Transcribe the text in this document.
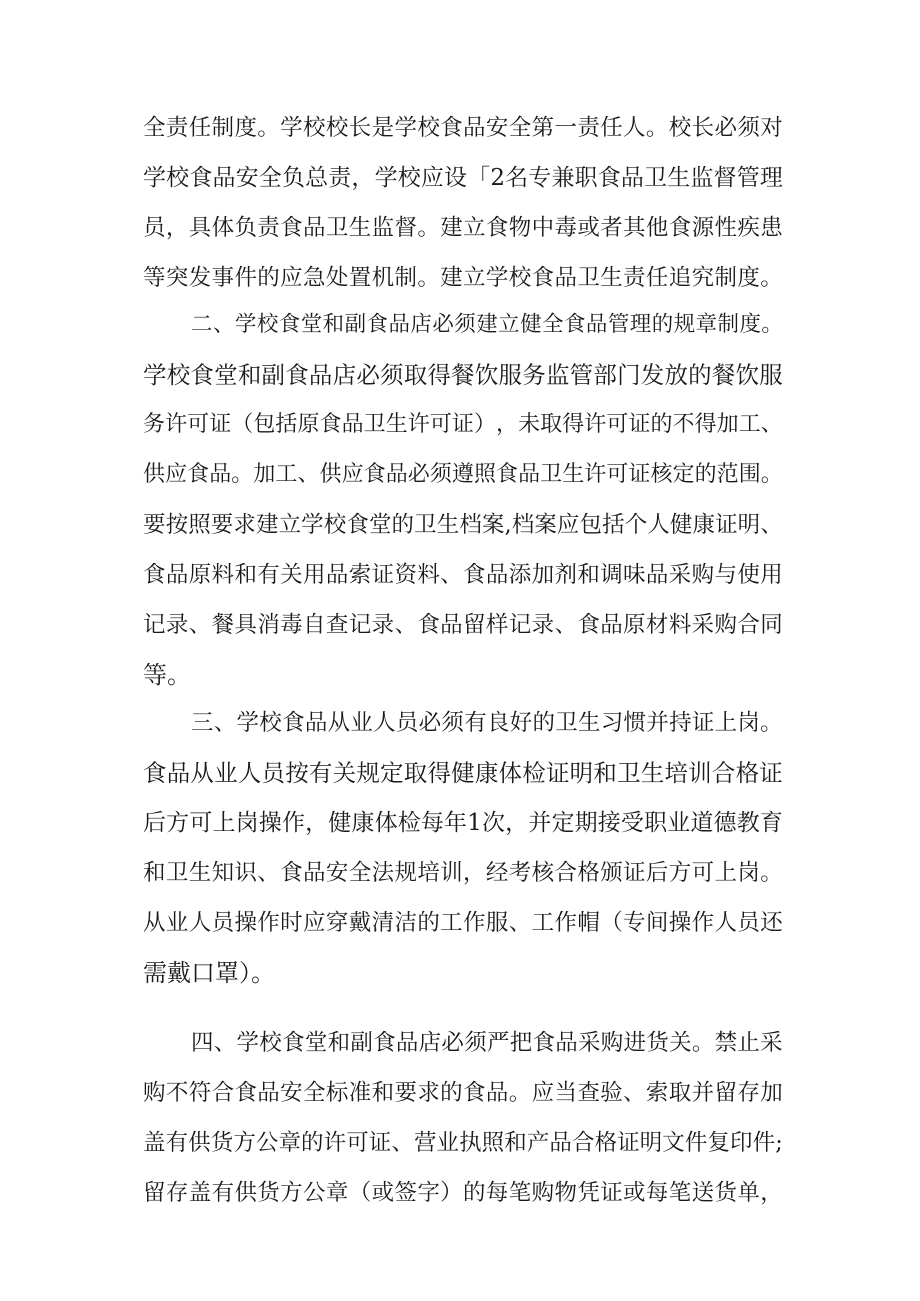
全 责 任 制 度 。 学 校 校 长 是 学 校 食 品 安 全 第 一 责 任 人 。 校 长 必 须 对
学 校 食 品 安 全 负 总 责 ， 学 校 应 设 「 2 名 专 兼 职 食 品 卫 生 监 督 管 理
员 ， 具 体 负 责 食 品 卫 生 监 督 。 建 立 食 物 中 毒 或 者 其 他 食 源 性 疾 患
等 突 发 事 件 的 应 急 处 置 机 制 。 建 立 学 校 食 品 卫 生 责 任 追 究 制 度 。
二 、 学 校 食 堂 和 副 食 品 店 必 须 建 立 健 全 食 品 管 理 的 规 章 制 度 。
学 校 食 堂 和 副 食 品 店 必 须 取 得 餐 饮 服 务 监 管 部 门 发 放 的 餐 饮 服
务 许 可 证 （ 包 括 原 食 品 卫 生 许 可 证 ） ， 未 取 得 许 可 证 的 不 得 加 工 、
供 应 食 品 。 加 工 、 供 应 食 品 必 须 遵 照 食 品 卫 生 许 可 证 核 定 的 范 围 。
要 按 照 要 求 建 立 学 校 食 堂 的 卫 生 档 案 , 档 案 应 包 括 个 人 健 康 证 明 、
食 品 原 料 和 有 关 用 品 索 证 资 料 、 食 品 添 加 剂 和 调 味 品 采 购 与 使 用
记 录 、 餐 具 消 毒 自 查 记 录 、 食 品 留 样 记 录 、 食 品 原 材 料 采 购 合 同
等。
三 、 学 校 食 品 从 业 人 员 必 须 有 良 好 的 卫 生 习 惯 并 持 证 上 岗 。
食 品 从 业 人 员 按 有 关 规 定 取 得 健 康 体 检 证 明 和 卫 生 培 训 合 格 证
后 方 可 上 岗 操 作 ， 健 康 体 检 每 年 1 次 ， 并 定 期 接 受 职 业 道 德 教 育
和 卫 生 知 识 、 食 品 安 全 法 规 培 训 ， 经 考 核 合 格 颁 证 后 方 可 上 岗 。
从 业 人 员 操 作 时 应 穿 戴 清 洁 的 工 作 服 、 工 作 帽 （ 专 间 操 作 人 员 还
需戴口罩）。
四 、 学 校 食 堂 和 副 食 品 店 必 须 严 把 食 品 采 购 进 货 关 。 禁 止 采
购 不 符 合 食 品 安 全 标 准 和 要 求 的 食 品 。 应 当 查 验 、 索 取 并 留 存 加
盖 有 供 货 方 公 章 的 许 可 证 、 营 业 执 照 和 产 品 合 格 证 明 文 件 复 印 件 ;
留 存 盖 有 供 货 方 公 章 （ 或 签 字 ） 的 每 笔 购 物 凭 证 或 每 笔 送 货 单 ，
